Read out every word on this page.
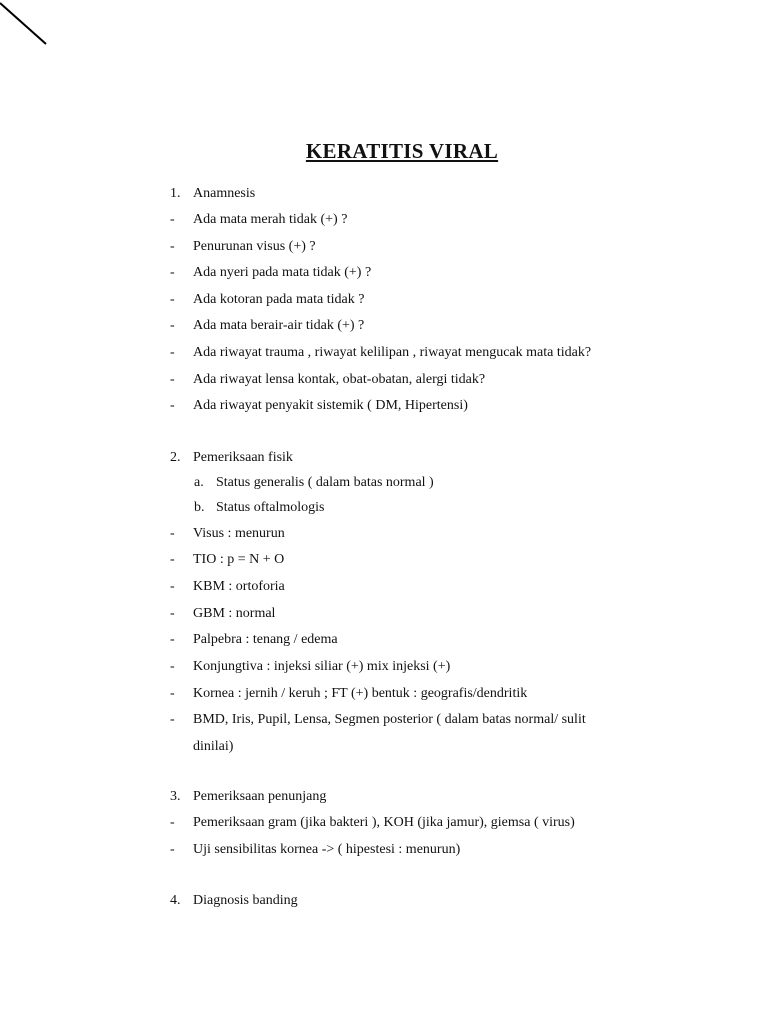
KERATITIS VIRAL
1. Anamnesis
- Ada mata merah tidak (+) ?
- Penurunan visus (+) ?
- Ada nyeri pada mata tidak (+) ?
- Ada kotoran pada mata tidak ?
- Ada mata berair-air tidak (+) ?
- Ada riwayat trauma , riwayat kelilipan , riwayat mengucak mata tidak?
- Ada riwayat lensa kontak, obat-obatan, alergi tidak?
- Ada riwayat penyakit sistemik ( DM, Hipertensi)
2. Pemeriksaan fisik
a. Status generalis ( dalam batas normal )
b. Status oftalmologis
- Visus : menurun
- TIO : p = N + O
- KBM : ortoforia
- GBM : normal
- Palpebra : tenang / edema
- Konjungtiva : injeksi siliar (+) mix injeksi (+)
- Kornea : jernih / keruh ; FT (+) bentuk : geografis/dendritik
- BMD, Iris, Pupil, Lensa, Segmen posterior ( dalam batas normal/ sulit
dinilai)
3. Pemeriksaan penunjang
- Pemeriksaan gram (jika bakteri ), KOH (jika jamur), giemsa ( virus)
- Uji sensibilitas kornea -> ( hipestesi : menurun)
4. Diagnosis banding
